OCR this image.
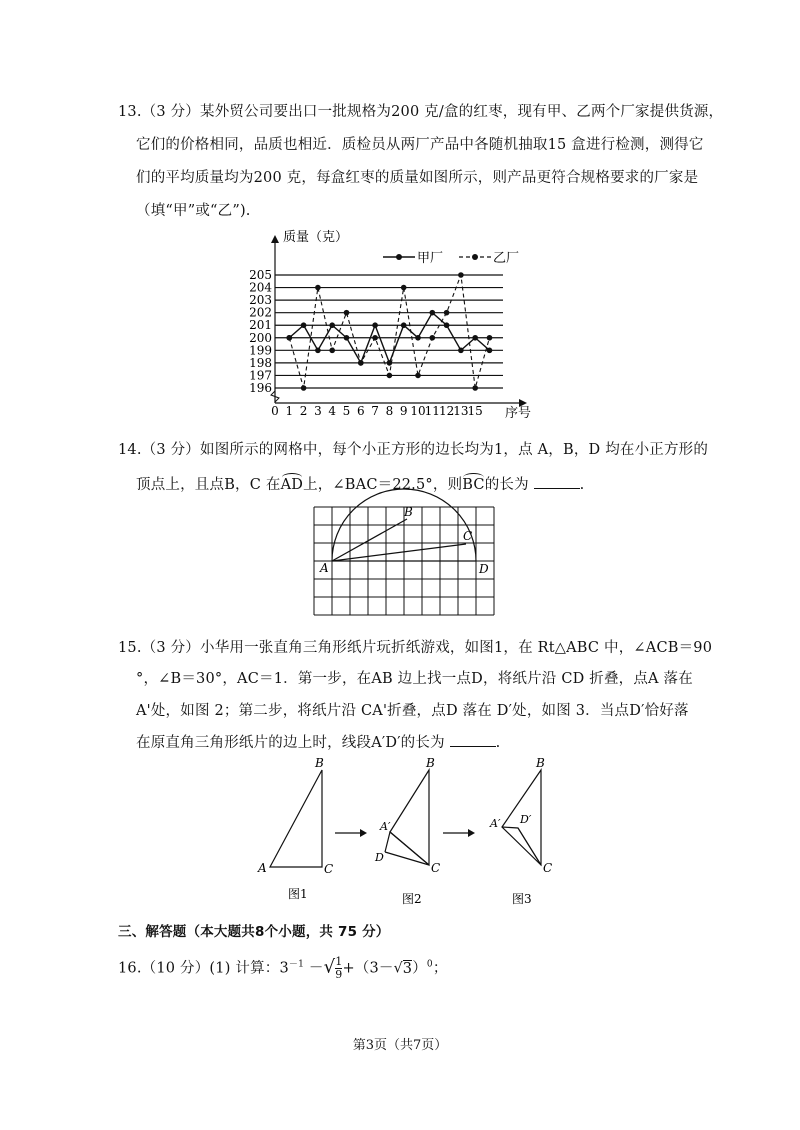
13.（3 分）某外贸公司要出口一批规格为200 克/盒的红枣，现有甲、乙两个厂家提供货源，
它们的价格相同，品质也相近．质检员从两厂产品中各随机抽取15 盒进行检测，测得它
们的平均质量均为200 克，每盒红枣的质量如图所示，则产品更符合规格要求的厂家是
（填“甲”或“乙”).
196
197
198
199
200
201
202
203
204
205
0 1 2 3 4 5 6 7 8 9 10 11 12 13 15
质量（克）
序号
甲厂	乙厂
14.（3 分）如图所示的网格中，每个小正方形的边长均为1，点 A，B，D 均在小正方形的
顶点上，且点B，C 在AD上，∠BAC＝22.5°，则BC的长为	.
A
B
C
D
15.（3 分）小华用一张直角三角形纸片玩折纸游戏，如图1，在 Rt△ABC 中，∠ACB＝90
°，∠B＝30°，AC＝1．第一步，在AB 边上找一点D，将纸片沿 CD 折叠，点A 落在
A'处，如图 2；第二步，将纸片沿 CA'折叠，点D 落在 D′处，如图 3．当点D′恰好落
在原直角三角形纸片的边上时，线段A′D′的长为	.
A	C
B
A′
D
C
B
A′ D′
C
B
图1	图2	图3
三、解答题（本大题共8个小题，共 75 分）
16.（10 分）(1) 计算：$3^{-1}$ －√ $\frac{1}{9} +(3-√3)^0$；
第3页（共7页）
